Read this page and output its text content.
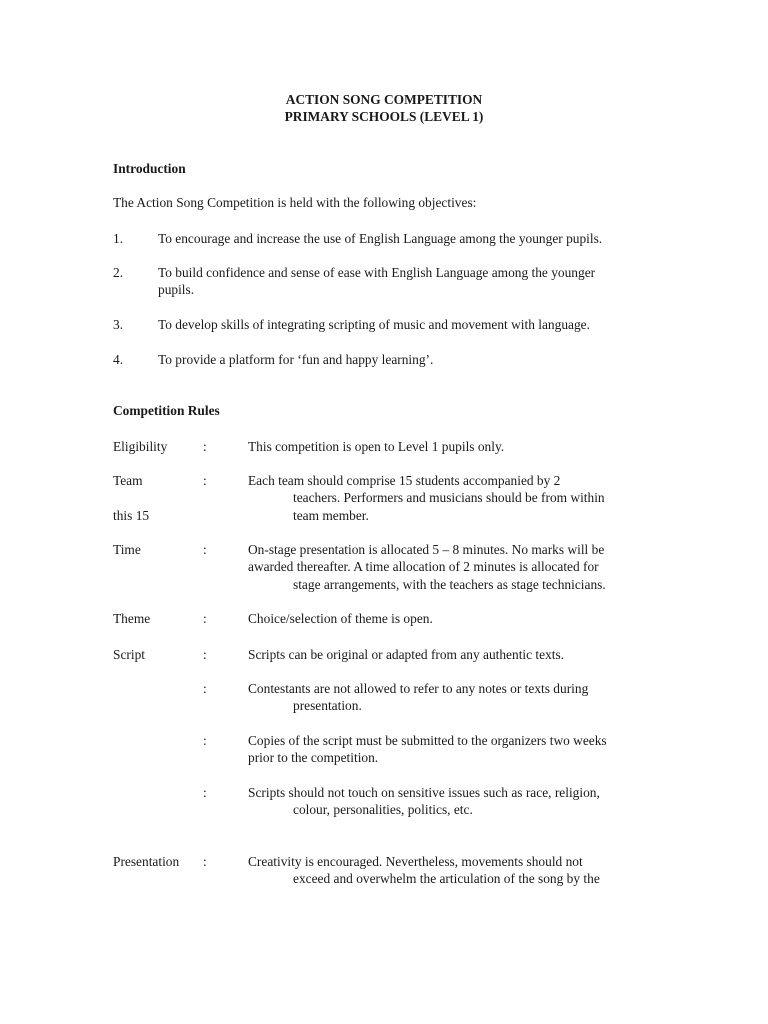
ACTION SONG COMPETITION
PRIMARY SCHOOLS (LEVEL 1)
Introduction
The Action Song Competition is held with the following objectives:
1.	To encourage and increase the use of English Language among the younger pupils.
2.	To build confidence and sense of ease with English Language among the younger
pupils.
3.	To develop skills of integrating scripting of music and movement with language.
4.	To provide a platform for ‘fun and happy learning’.
Competition Rules
Eligibility	:	This competition is open to Level 1 pupils only.
Team	:	Each team should comprise 15 students accompanied by 2
teachers. Performers and musicians should be from within
this 15	team member.
Time	:	On-stage presentation is allocated 5 – 8 minutes. No marks will be
awarded thereafter. A time allocation of 2 minutes is allocated for
stage arrangements, with the teachers as stage technicians.
Theme	:	Choice/selection of theme is open.
Script	:	Scripts can be original or adapted from any authentic texts.
:	Contestants are not allowed to refer to any notes or texts during
presentation.
:	Copies of the script must be submitted to the organizers two weeks
prior to the competition.
:	Scripts should not touch on sensitive issues such as race, religion,
colour, personalities, politics, etc.
Presentation :	Creativity is encouraged. Nevertheless, movements should not
exceed and overwhelm the articulation of the song by the
